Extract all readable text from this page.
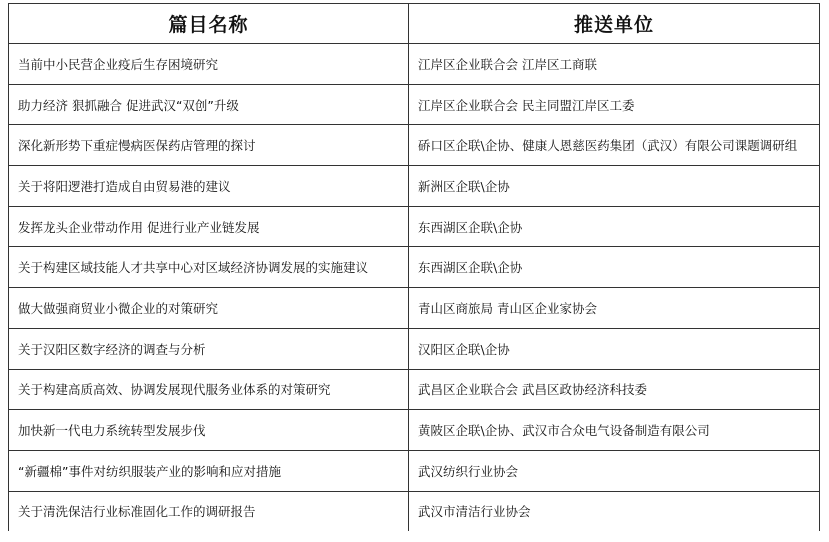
篇目名称	推送单位
当前中小民营企业疫后生存困境研究	江岸区企业联合会 江岸区工商联
助力经济 狠抓融合 促进武汉“双创”升级	江岸区企业联合会 民主同盟江岸区工委
深化新形势下重症慢病医保药店管理的探讨	硚口区企联\企协、健康人恩慈医药集团（武汉）有限公司课题调研组
关于将阳逻港打造成自由贸易港的建议	新洲区企联\企协
发挥龙头企业带动作用 促进行业产业链发展	东西湖区企联\企协
关于构建区域技能人才共享中心对区域经济协调发展的实施建议	东西湖区企联\企协
做大做强商贸业小微企业的对策研究	青山区商旅局 青山区企业家协会
关于汉阳区数字经济的调查与分析	汉阳区企联\企协
关于构建高质高效、协调发展现代服务业体系的对策研究	武昌区企业联合会 武昌区政协经济科技委
加快新一代电力系统转型发展步伐	黄陂区企联\企协、武汉市合众电气设备制造有限公司
“新疆棉”事件对纺织服装产业的影响和应对措施	武汉纺织行业协会
关于清洗保洁行业标准固化工作的调研报告	武汉市清洁行业协会
